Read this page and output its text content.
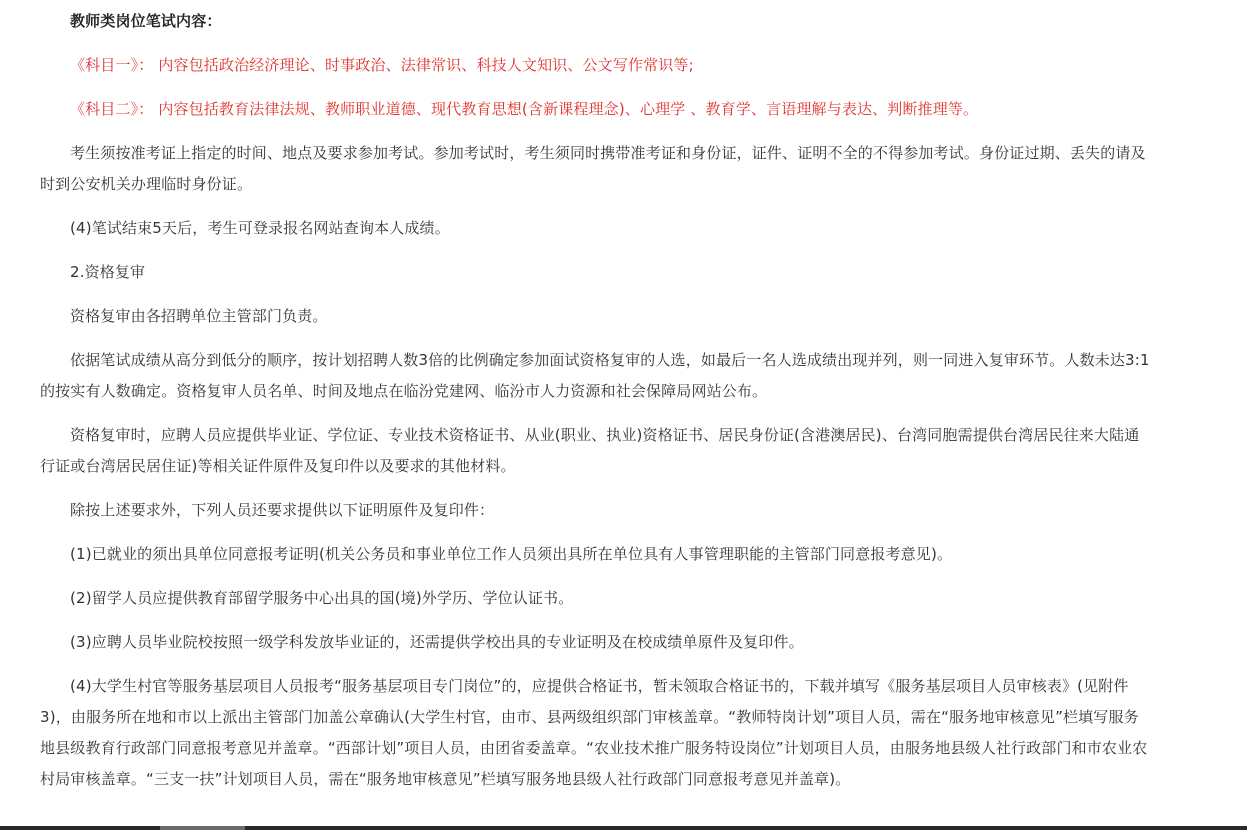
教师类岗位笔试内容：

《科目一》： 内容包括政治经济理论、时事政治、法律常识、科技人文知识、公文写作常识等;

《科目二》： 内容包括教育法律法规、教师职业道德、现代教育思想(含新课程理念)、心理学 、教育学、言语理解与表达、判断推理等。

考生须按准考证上指定的时间、地点及要求参加考试。参加考试时，考生须同时携带准考证和身份证，证件、证明不全的不得参加考试。身份证过期、丢失的请及时到公安机关办理临时身份证。

(4)笔试结束5天后，考生可登录报名网站查询本人成绩。

2.资格复审

资格复审由各招聘单位主管部门负责。

依据笔试成绩从高分到低分的顺序，按计划招聘人数3倍的比例确定参加面试资格复审的人选，如最后一名人选成绩出现并列，则一同进入复审环节。人数未达3:1的按实有人数确定。资格复审人员名单、时间及地点在临汾党建网、临汾市人力资源和社会保障局网站公布。

资格复审时，应聘人员应提供毕业证、学位证、专业技术资格证书、从业(职业、执业)资格证书、居民身份证(含港澳居民)、台湾同胞需提供台湾居民往来大陆通行证或台湾居民居住证)等相关证件原件及复印件以及要求的其他材料。

除按上述要求外，下列人员还要求提供以下证明原件及复印件：

(1)已就业的须出具单位同意报考证明(机关公务员和事业单位工作人员须出具所在单位具有人事管理职能的主管部门同意报考意见)。

(2)留学人员应提供教育部留学服务中心出具的国(境)外学历、学位认证书。

(3)应聘人员毕业院校按照一级学科发放毕业证的，还需提供学校出具的专业证明及在校成绩单原件及复印件。

(4)大学生村官等服务基层项目人员报考“服务基层项目专门岗位”的，应提供合格证书，暂未领取合格证书的，下载并填写《服务基层项目人员审核表》(见附件3)，由服务所在地和市以上派出主管部门加盖公章确认(大学生村官，由市、县两级组织部门审核盖章。“教师特岗计划”项目人员，需在“服务地审核意见”栏填写服务地县级教育行政部门同意报考意见并盖章。“西部计划”项目人员，由团省委盖章。“农业技术推广服务特设岗位”计划项目人员，由服务地县级人社行政部门和市农业农村局审核盖章。“三支一扶”计划项目人员，需在“服务地审核意见”栏填写服务地县级人社行政部门同意报考意见并盖章)。
